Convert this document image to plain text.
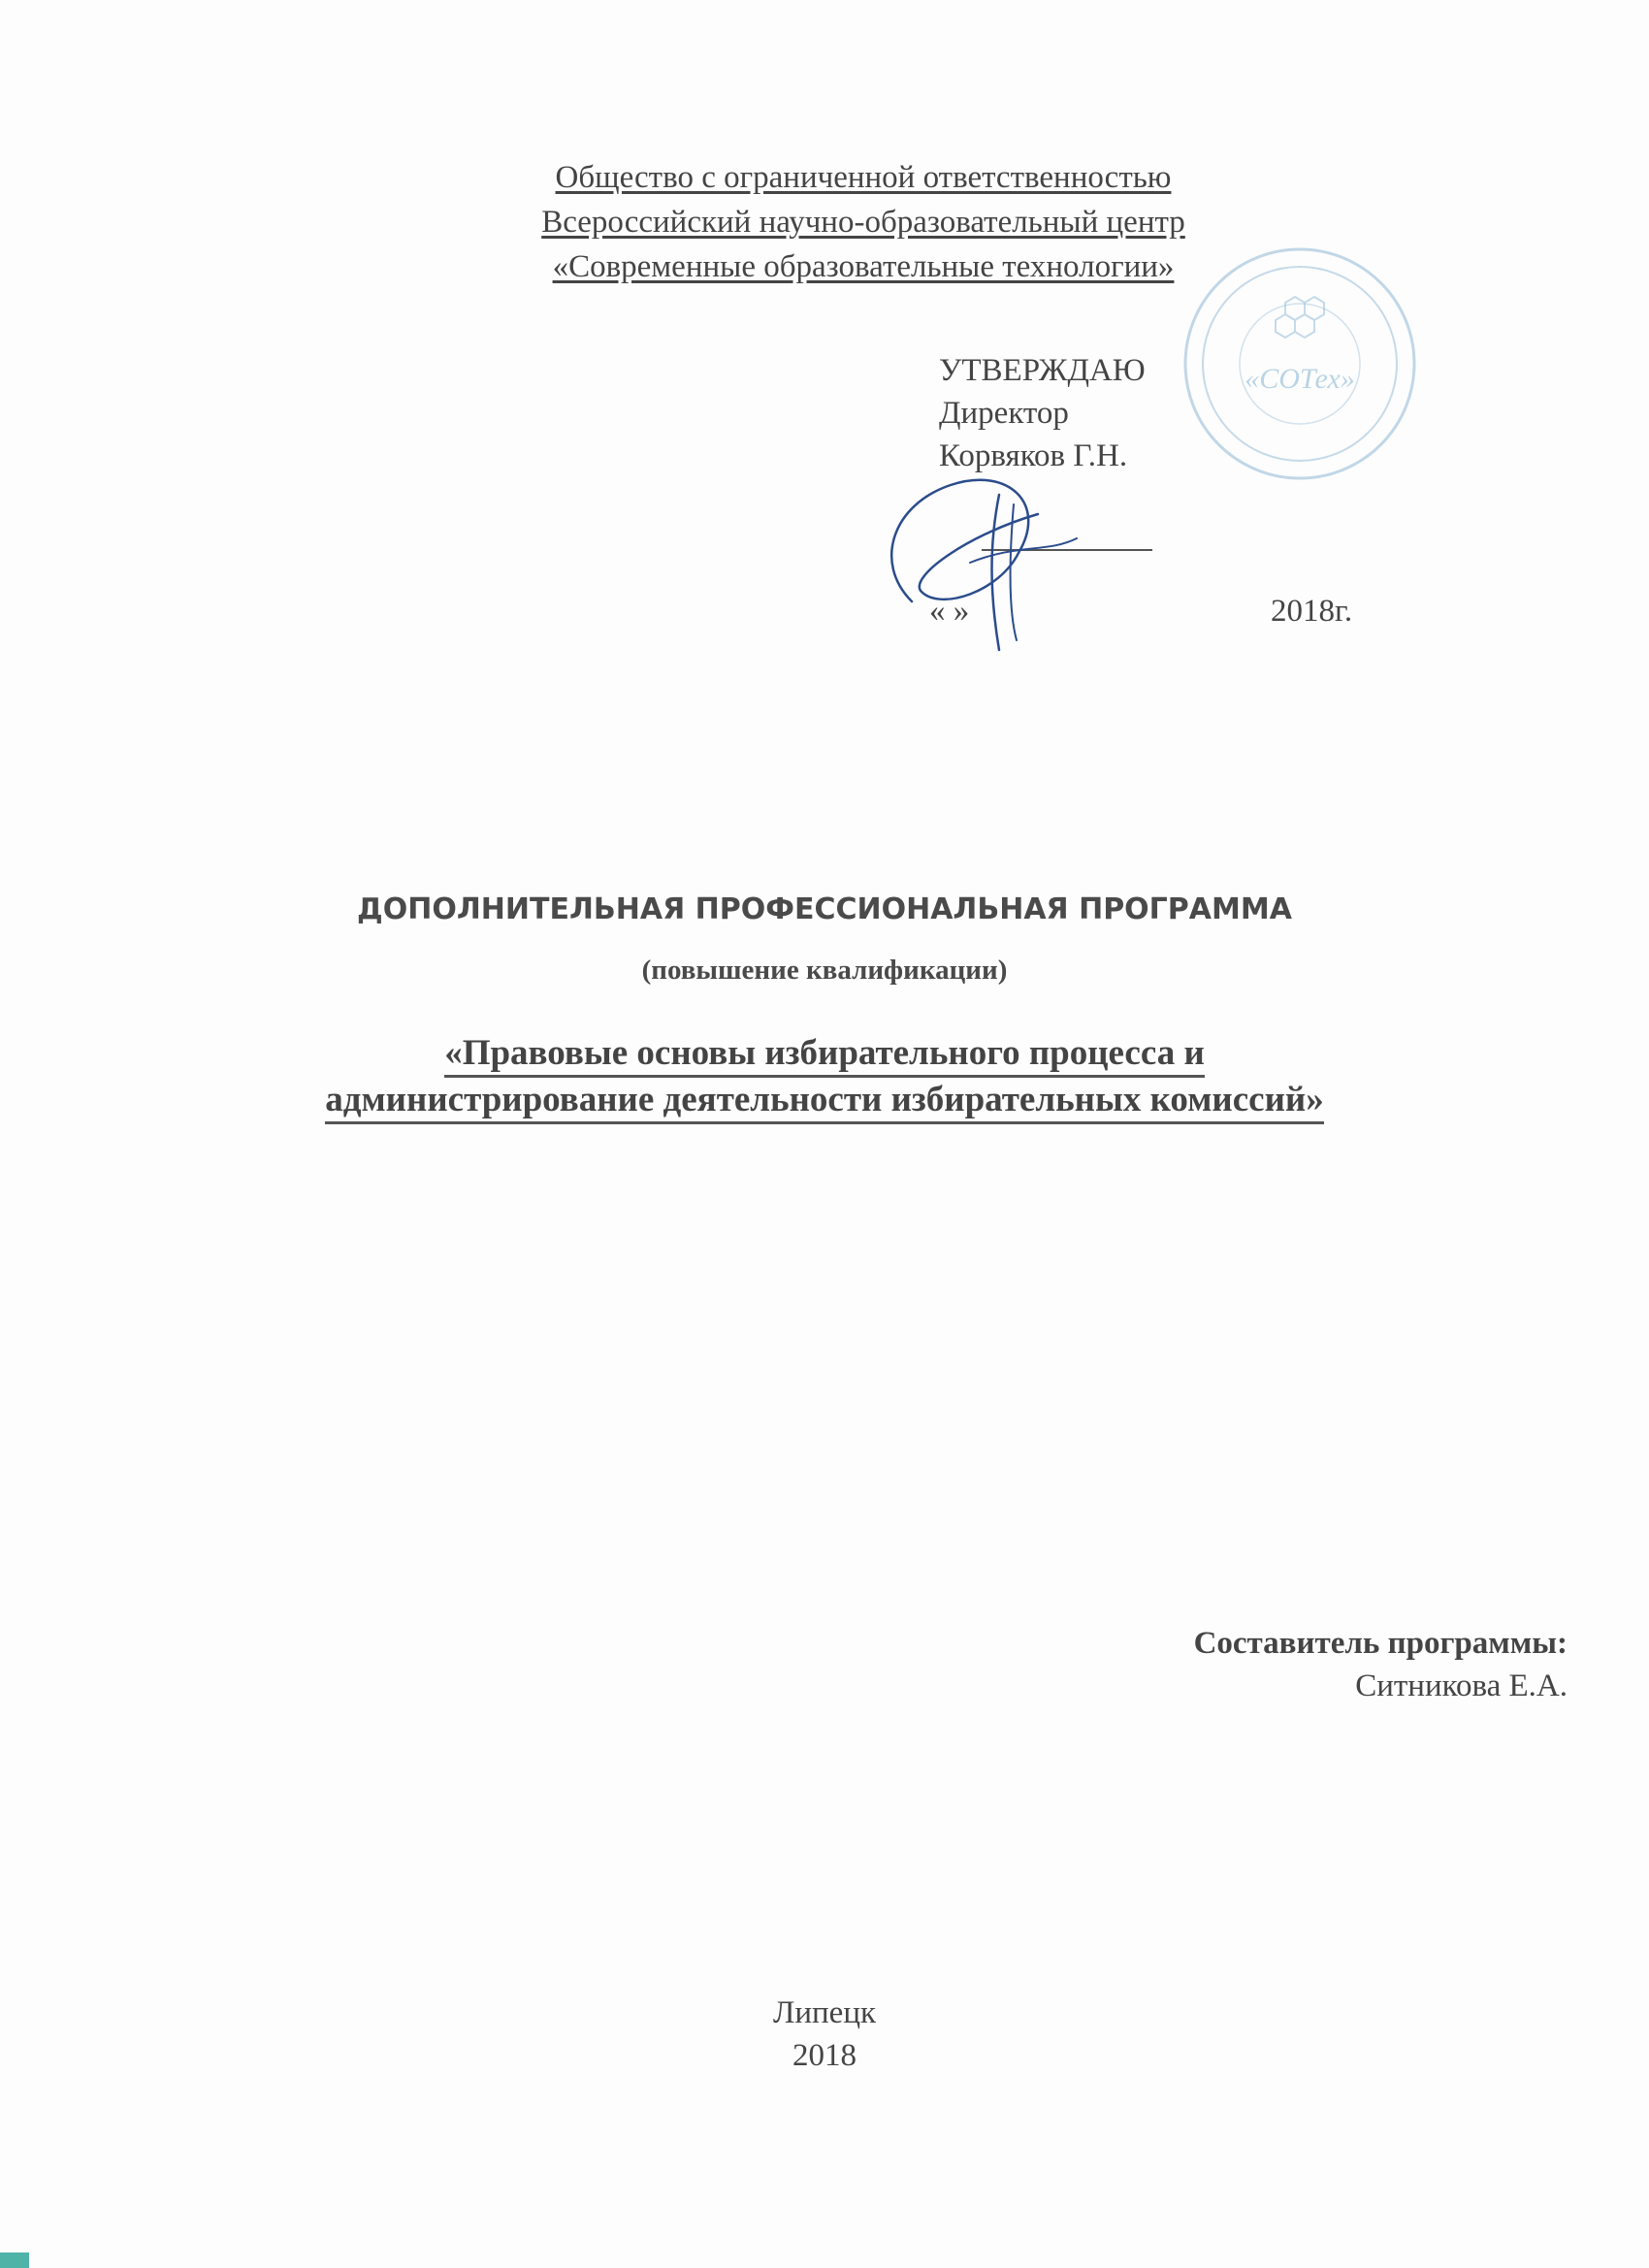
Общество с ограниченной ответственностью
Всероссийский научно-образовательный центр
«Современные образовательные технологии»
«СОТех»
УТВЕРЖДАЮ
Директор
Корвяков Г.Н.
« »	2018г.
ДОПОЛНИТЕЛЬНАЯ ПРОФЕССИОНАЛЬНАЯ ПРОГРАММА
(повышение квалификации)
«Правовые основы избирательного процесса и
администрирование деятельности избирательных комиссий»
Составитель программы:
Ситникова Е.А.
Липецк
2018
